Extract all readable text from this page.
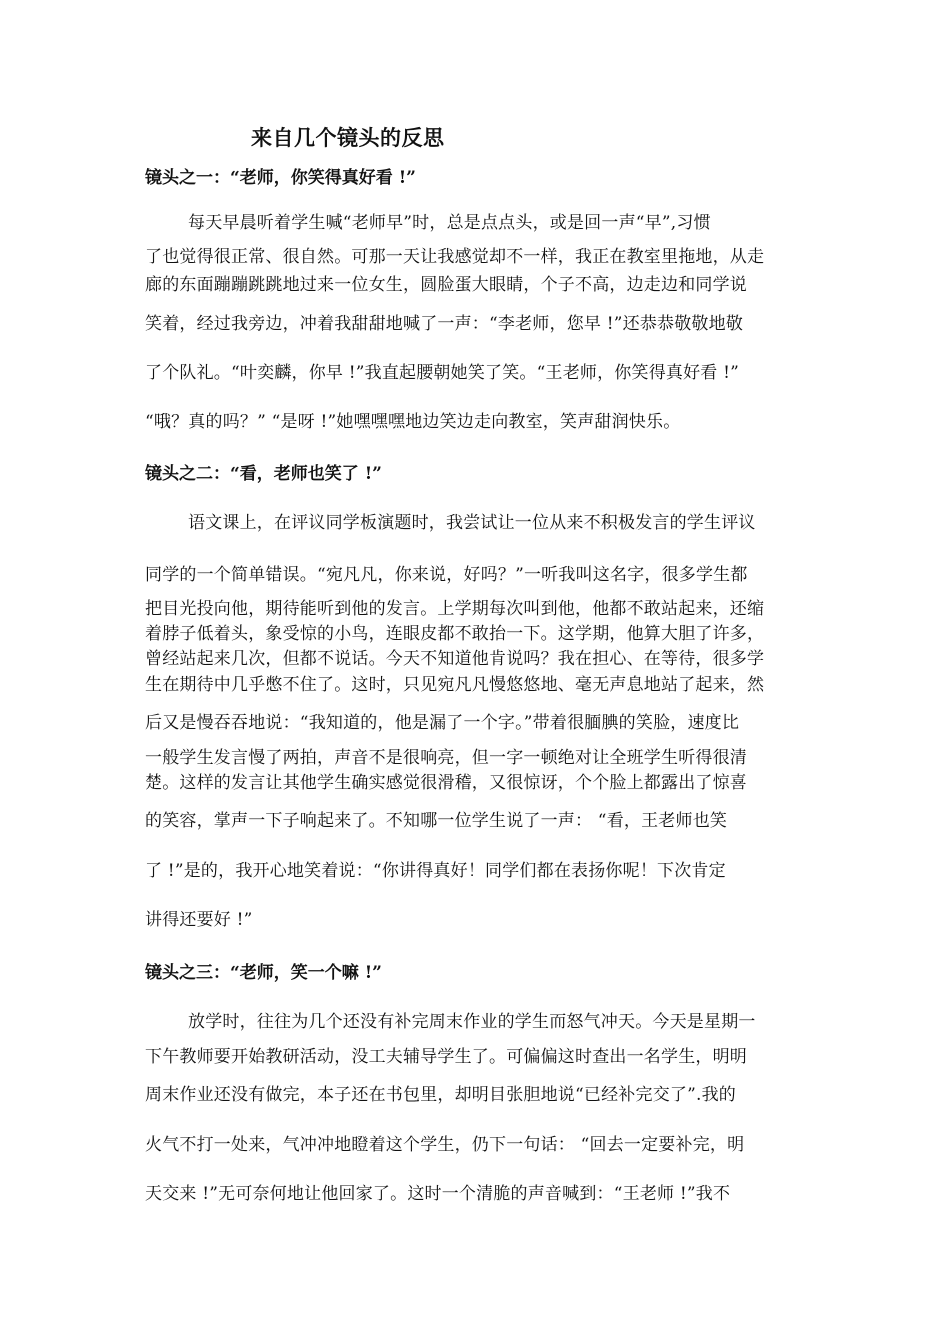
来自几个镜头的反思
镜头之一：“老师，你笑得真好看 !”
每天早晨听着学生喊“老师早”时，总是点点头，或是回一声“早”,习惯
了也觉得很正常、很自然。可那一天让我感觉却不一样，我正在教室里拖地，从走
廊的东面蹦蹦跳跳地过来一位女生，圆脸蛋大眼睛，个子不高，边走边和同学说
笑着，经过我旁边，冲着我甜甜地喊了一声：“李老师，您早 !”还恭恭敬敬地敬
了个队礼。“叶奕麟，你早 !”我直起腰朝她笑了笑。“王老师，你笑得真好看 !”
“哦？真的吗？” “是呀 !”她嘿嘿嘿地边笑边走向教室，笑声甜润快乐。
镜头之二：“看，老师也笑了 !”
语文课上，在评议同学板演题时，我尝试让一位从来不积极发言的学生评议
同学的一个简单错误。“宛凡凡，你来说，好吗？”一听我叫这名字，很多学生都
把目光投向他，期待能听到他的发言。上学期每次叫到他，他都不敢站起来，还缩
着脖子低着头，象受惊的小鸟，连眼皮都不敢抬一下。这学期，他算大胆了许多，
曾经站起来几次，但都不说话。今天不知道他肯说吗？我在担心、在等待，很多学
生在期待中几乎憋不住了。这时，只见宛凡凡慢悠悠地、毫无声息地站了起来，然
后又是慢吞吞地说：“我知道的，他是漏了一个字。”带着很腼腆的笑脸，速度比
一般学生发言慢了两拍，声音不是很响亮，但一字一顿绝对让全班学生听得很清
楚。这样的发言让其他学生确实感觉很滑稽，又很惊讶，个个脸上都露出了惊喜
的笑容，掌声一下子响起来了。不知哪一位学生说了一声： “看，王老师也笑
了 !”是的，我开心地笑着说：“你讲得真好！同学们都在表扬你呢！下次肯定
讲得还要好 !”
镜头之三：“老师，笑一个嘛 !”
放学时，往往为几个还没有补完周末作业的学生而怒气冲天。今天是星期一
下午教师要开始教研活动，没工夫辅导学生了。可偏偏这时查出一名学生，明明
周末作业还没有做完，本子还在书包里，却明目张胆地说“已经补完交了”.我的
火气不打一处来，气冲冲地瞪着这个学生，仍下一句话： “回去一定要补完，明
天交来 !”无可奈何地让他回家了。这时一个清脆的声音喊到：“王老师 !”我不
